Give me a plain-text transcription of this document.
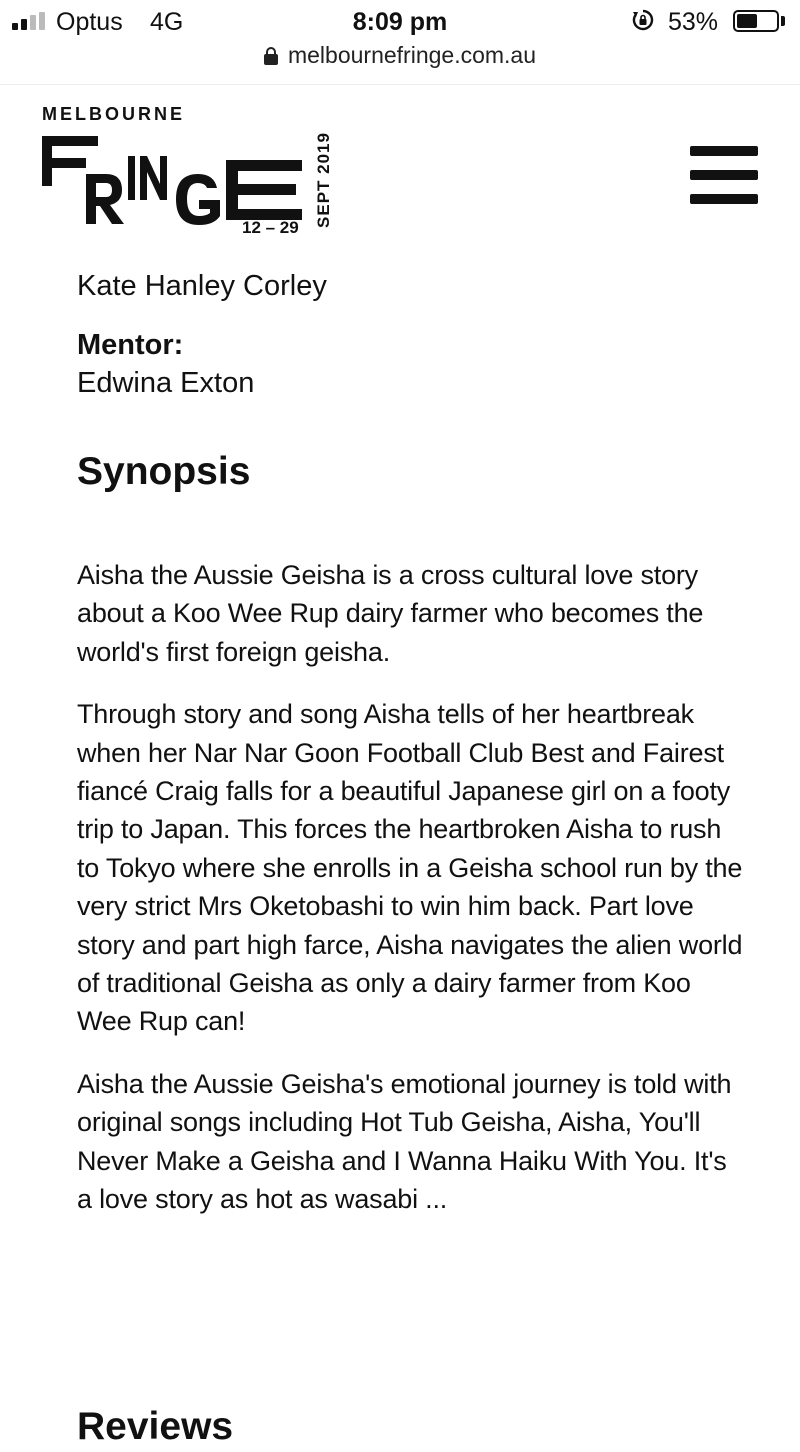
Optus 4G	8:09 pm	53%
melbournefringe.com.au
MELBOURNE
12 – 29 SEPT 2019

Kate Hanley Corley

Mentor:
Edwina Exton
Synopsis

Aisha the Aussie Geisha is a cross cultural love story about a Koo Wee Rup dairy farmer who becomes the world's first foreign geisha.

Through story and song Aisha tells of her heartbreak when her Nar Nar Goon Football Club Best and Fairest fiancé Craig falls for a beautiful Japanese girl on a footy trip to Japan. This forces the heartbroken Aisha to rush to Tokyo where she enrolls in a Geisha school run by the very strict Mrs Oketobashi to win him back. Part love story and part high farce, Aisha navigates the alien world of traditional Geisha as only a dairy farmer from Koo Wee Rup can!

Aisha the Aussie Geisha's emotional journey is told with original songs including Hot Tub Geisha, Aisha, You'll Never Make a Geisha and I Wanna Haiku With You. It's a love story as hot as wasabi ...

Reviews
